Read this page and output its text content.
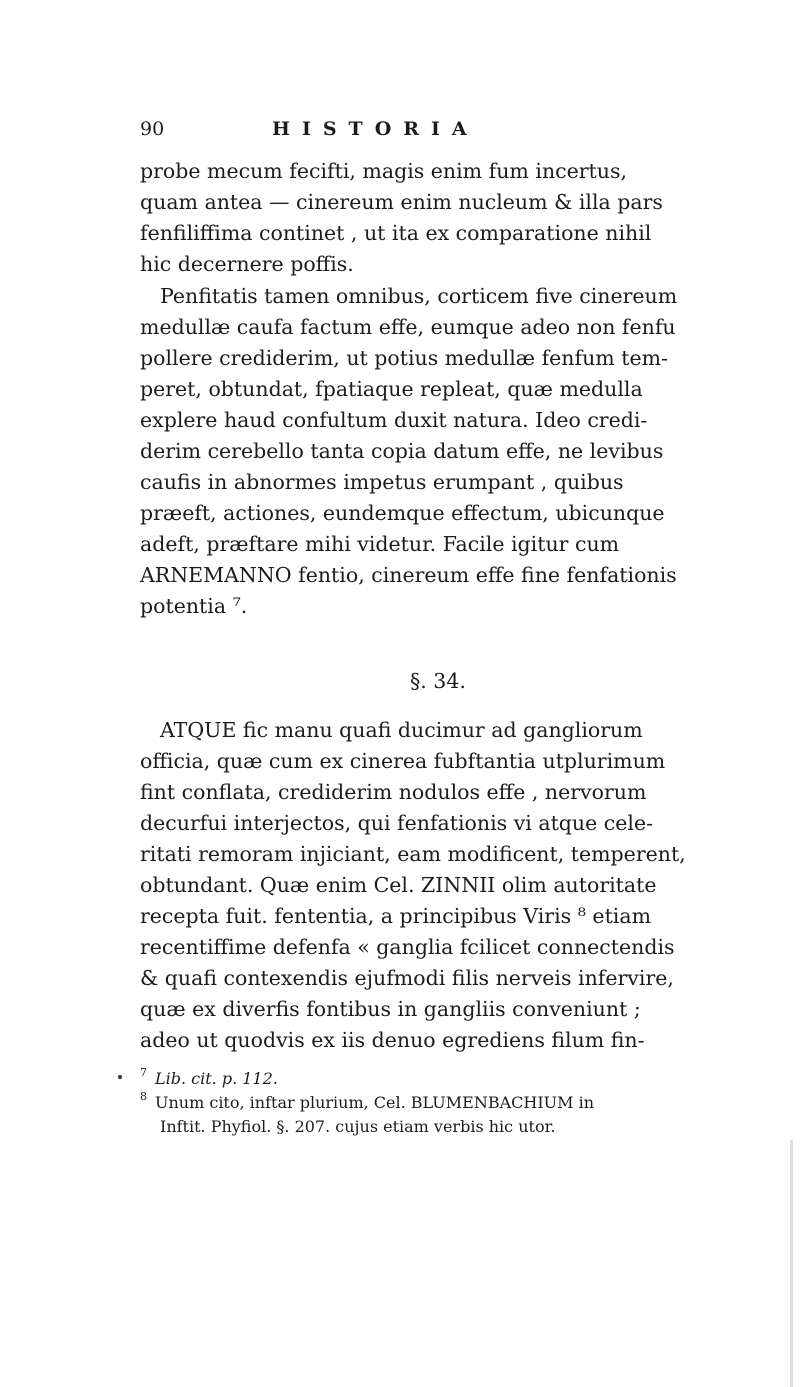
90	HISTORIA
probe mecum fecifti, magis enim fum incertus,
quam antea — cinereum enim nucleum & illa pars
fenfiliffima continet , ut ita ex comparatione nihil
hic decernere poffis.
Penfitatis tamen omnibus, corticem five cinereum
medullæ caufa factum effe, eumque adeo non fenfu
pollere crediderim, ut potius medullæ fenfum tem-
peret, obtundat, fpatiaque repleat, quæ medulla
explere haud confultum duxit natura. Ideo credi-
derim cerebello tanta copia datum effe, ne levibus
caufis in abnormes impetus erumpant , quibus
præeft, actiones, eundemque effectum, ubicunque
adeft, præftare mihi videtur. Facile igitur cum
ARNEMANNO fentio, cinereum effe fine fenfationis
potentia ⁷.
§. 34.
ATQUE fic manu quafi ducimur ad gangliorum
officia, quæ cum ex cinerea fubftantia utplurimum
fint conflata, crediderim nodulos effe , nervorum
decurfui interjectos, qui fenfationis vi atque cele-
ritati remoram injiciant, eam modificent, temperent,
obtundant. Quæ enim Cel. ZINNII olim autoritate
recepta fuit. fententia, a principibus Viris ⁸ etiam
recentiffime defenfa « ganglia fcilicet connectendis
& quafi contexendis ejufmodi filis nerveis infervire,
quæ ex diverfis fontibus in gangliis conveniunt ;
adeo ut quodvis ex iis denuo egrediens filum fin-
$^7$ Lib. cit. p. 112.
$^8$ Unum cito, inftar plurium, Cel. BLUMENBACHIUM in
Inftit. Phyfiol. §. 207. cujus etiam verbis hic utor.
